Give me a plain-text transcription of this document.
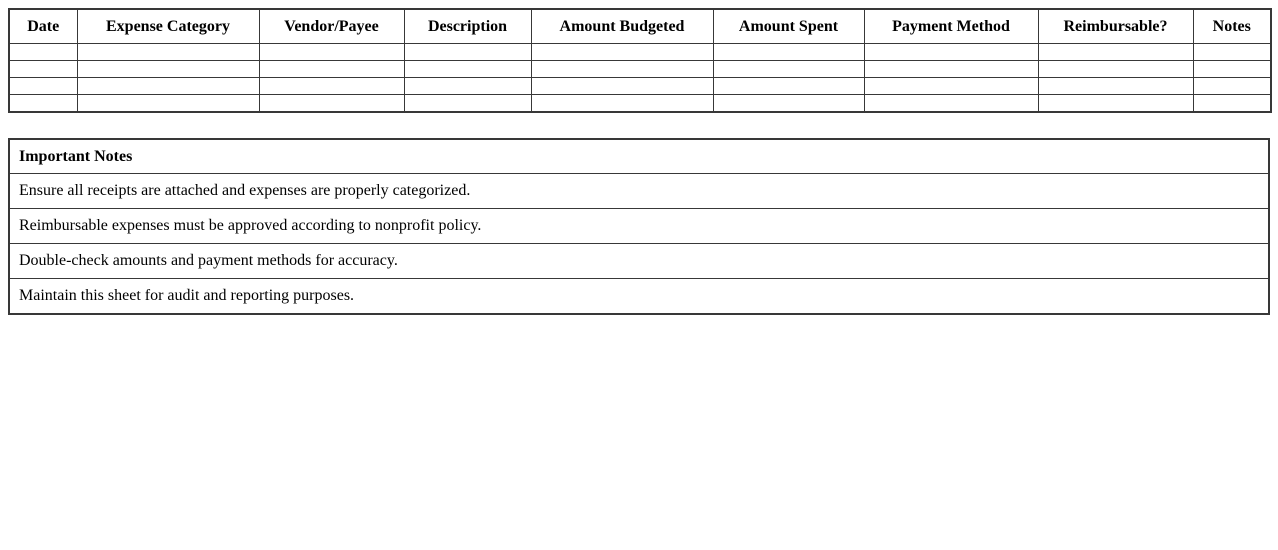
Date	Expense Category	Vendor/Payee	Description	Amount Budgeted	Amount Spent	Payment Method	Reimbursable?	Notes

Important Notes
Ensure all receipts are attached and expenses are properly categorized.
Reimbursable expenses must be approved according to nonprofit policy.
Double-check amounts and payment methods for accuracy.
Maintain this sheet for audit and reporting purposes.
